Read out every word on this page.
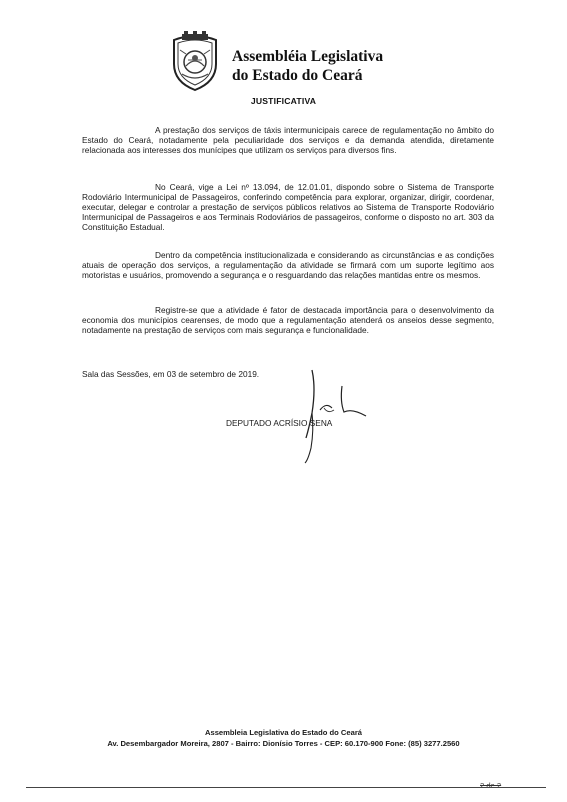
Assembléia Legislativa
do Estado do Ceará
JUSTIFICATIVA

A prestação dos serviços de táxis intermunicipais carece de regulamentação no âmbito do Estado do Ceará, notadamente pela peculiaridade dos serviços e da demanda atendida, diretamente relacionada aos interesses dos munícipes que utilizam os serviços para diversos fins.

No Ceará, vige a Lei nº 13.094, de 12.01.01, dispondo sobre o Sistema de Transporte Rodoviário Intermunicipal de Passageiros, conferindo competência para explorar, organizar, dirigir, coordenar, executar, delegar e controlar a prestação de serviços públicos relativos ao Sistema de Transporte Rodoviário Intermunicipal de Passageiros e aos Terminais Rodoviários de passageiros, conforme o disposto no art. 303 da Constituição Estadual.

Dentro da competência institucionalizada e considerando as circunstâncias e as condições atuais de operação dos serviços, a regulamentação da atividade se firmará com um suporte legítimo aos motoristas e usuários, promovendo a segurança e o resguardando das relações mantidas entre os mesmos.

Registre-se que a atividade é fator de destacada importância para o desenvolvimento da economia dos municípios cearenses, de modo que a regulamentação atenderá os anseios desse segmento, notadamente na prestação de serviços com mais segurança e funcionalidade.

Sala das Sessões, em 03 de setembro de 2019.
DEPUTADO ACRÍSIO SENA
Assembleia Legislativa do Estado do Ceará
Av. Desembargador Moreira, 2807 - Bairro: Dionísio Torres - CEP: 60.170-900 Fone: (85) 3277.2560
2 de 2
